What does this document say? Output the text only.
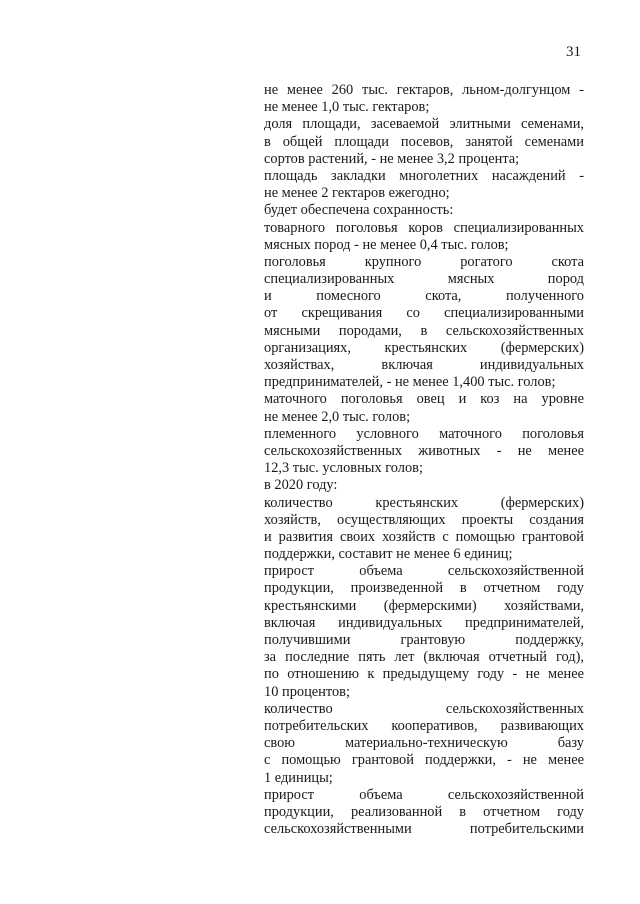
31
не менее 260 тыс. гектаров, льном-долгунцом -
не менее 1,0 тыс. гектаров;
доля площади, засеваемой элитными семенами,
в общей площади посевов, занятой семенами
сортов растений, - не менее 3,2 процента;
площадь закладки многолетних насаждений -
не менее 2 гектаров ежегодно;
будет обеспечена сохранность:
товарного поголовья коров специализированных
мясных пород - не менее 0,4 тыс. голов;
поголовья крупного рогатого скота
специализированных мясных пород
и помесного скота, полученного
от скрещивания со специализированными
мясными породами, в сельскохозяйственных
организациях, крестьянских (фермерских)
хозяйствах, включая индивидуальных
предпринимателей, - не менее 1,400 тыс. голов;
маточного поголовья овец и коз на уровне
не менее 2,0 тыс. голов;
племенного условного маточного поголовья
сельскохозяйственных животных - не менее
12,3 тыс. условных голов;
в 2020 году:
количество крестьянских (фермерских)
хозяйств, осуществляющих проекты создания
и развития своих хозяйств с помощью грантовой
поддержки, составит не менее 6 единиц;
прирост объема сельскохозяйственной
продукции, произведенной в отчетном году
крестьянскими (фермерскими) хозяйствами,
включая индивидуальных предпринимателей,
получившими грантовую поддержку,
за последние пять лет (включая отчетный год),
по отношению к предыдущему году - не менее
10 процентов;
количество сельскохозяйственных
потребительских кооперативов, развивающих
свою материально-техническую базу
с помощью грантовой поддержки, - не менее
1 единицы;
прирост объема сельскохозяйственной
продукции, реализованной в отчетном году
сельскохозяйственными потребительскими
